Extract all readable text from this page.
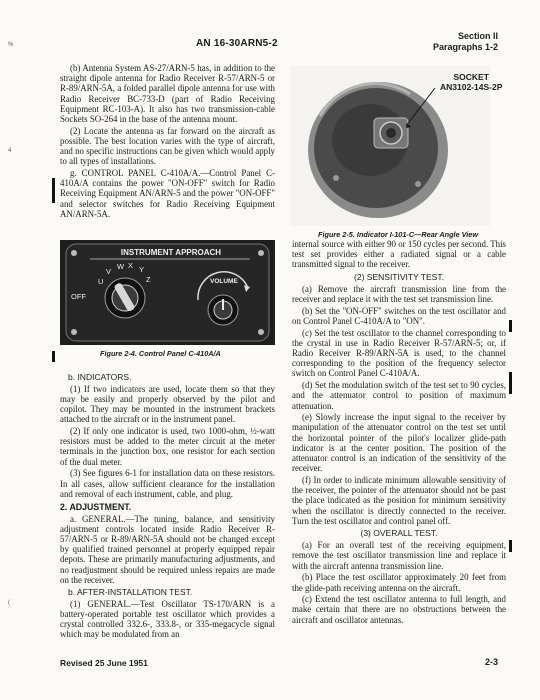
%
4
(
AN 16-30ARN5-2
Section II
Paragraphs 1-2

(b) Antenna System AS-27/ARN-5 has, in addition to the straight dipole antenna for Radio Receiver R-57/ARN-5 or R-89/ARN-5A, a folded parallel dipole antenna for use with Radio Receiver BC-733-D (part of Radio Receiving Equipment RC-103-A). It also has two transmission-cable Sockets SO-264 in the base of the antenna mount.

(2) Locate the antenna as far forward on the aircraft as possible. The best location varies with the type of aircraft, and no specific instructions can be given which would apply to all types of installations.

g. CONTROL PANEL C-410A/A.—Control Panel C-410A/A contains the power "ON-OFF" switch for Radio Receiving Equipment AN/ARN-5 and the power "ON-OFF" and selector switches for Radio Receiving Equipment AN/ARN-5A.

INSTRUMENT APPROACH
U
V
W X Y
Z
OFF
VOLUME
Figure 2-4. Control Panel C-410A/A
SOCKET
AN3102-14S-2P
Figure 2-5. Indicator I-101-C—Rear Angle View

b. INDICATORS.

(1) If two indicators are used, locate them so that they may be easily and properly observed by the pilot and copilot. They may be mounted in the instrument brackets attached to the aircraft or in the instrument panel.

(2) If only one indicator is used, two 1000-ohm, ½-watt resistors must be added to the meter circuit at the meter terminals in the junction box, one resistor for each section of the dual meter.

(3) See figures 6-1 for installation data on these resistors. In all cases, allow sufficient clearance for the installation and removal of each instrument, cable, and plug.

2. ADJUSTMENT.

a. GENERAL.—The tuning, balance, and sensitivity adjustment controls located inside Radio Receiver R-57/ARN-5 or R-89/ARN-5A should not be changed except by qualified trained personnel at properly equipped repair depots. These are primarily manufacturing adjustments, and no readjustment should be required unless repairs are made on the receiver.

b. AFTER-INSTALLATION TEST.

(1) GENERAL.—Test Oscillator TS-170/ARN is a battery-operated portable test oscillator which provides a crystal controlled 332.6-, 333.8-, or 335-megacycle signal which may be modulated from an

internal source with either 90 or 150 cycles per second. This test set provides either a radiated signal or a cable transmitted signal to the receiver.

(2) SENSITIVITY TEST.

(a) Remove the aircraft transmission line from the receiver and replace it with the test set transmission line.

(b) Set the "ON-OFF" switches on the test oscillator and on Control Panel C-410A/A to "ON".

(c) Set the test oscillator to the channel corresponding to the crystal in use in Radio Receiver R-57/ARN-5; or, if Radio Receiver R-89/ARN-5A is used, to the channel corresponding to the position of the frequency selector switch on Control Panel C-410A/A.

(d) Set the modulation switch of the test set to 90 cycles, and the attenuator control to position of maximum attenuation.

(e) Slowly increase the input signal to the receiver by manipulation of the attenuator control on the test set until the horizontal pointer of the pilot's localizer glide-path indicator is at the center position. The position of the attenuator control is an indication of the sensitivity of the receiver.

(f) In order to indicate minimum allowable sensitivity of the receiver, the pointer of the attenuator should not be past the place indicated as the position for minimum sensitivity when the oscillator is directly connected to the receiver. Turn the test oscillator and control panel off.

(3) OVERALL TEST.

(a) For an overall test of the receiving equipment, remove the test oscillator transmission line and replace it with the aircraft antenna transmission line.

(b) Place the test oscillator approximately 20 feet from the glide-path receiving antenna on the aircraft.

(c) Extend the test oscillator antenna to full length, and make certain that there are no obstructions between the aircraft and oscillator antennas.

Revised 25 June 1951	2-3
